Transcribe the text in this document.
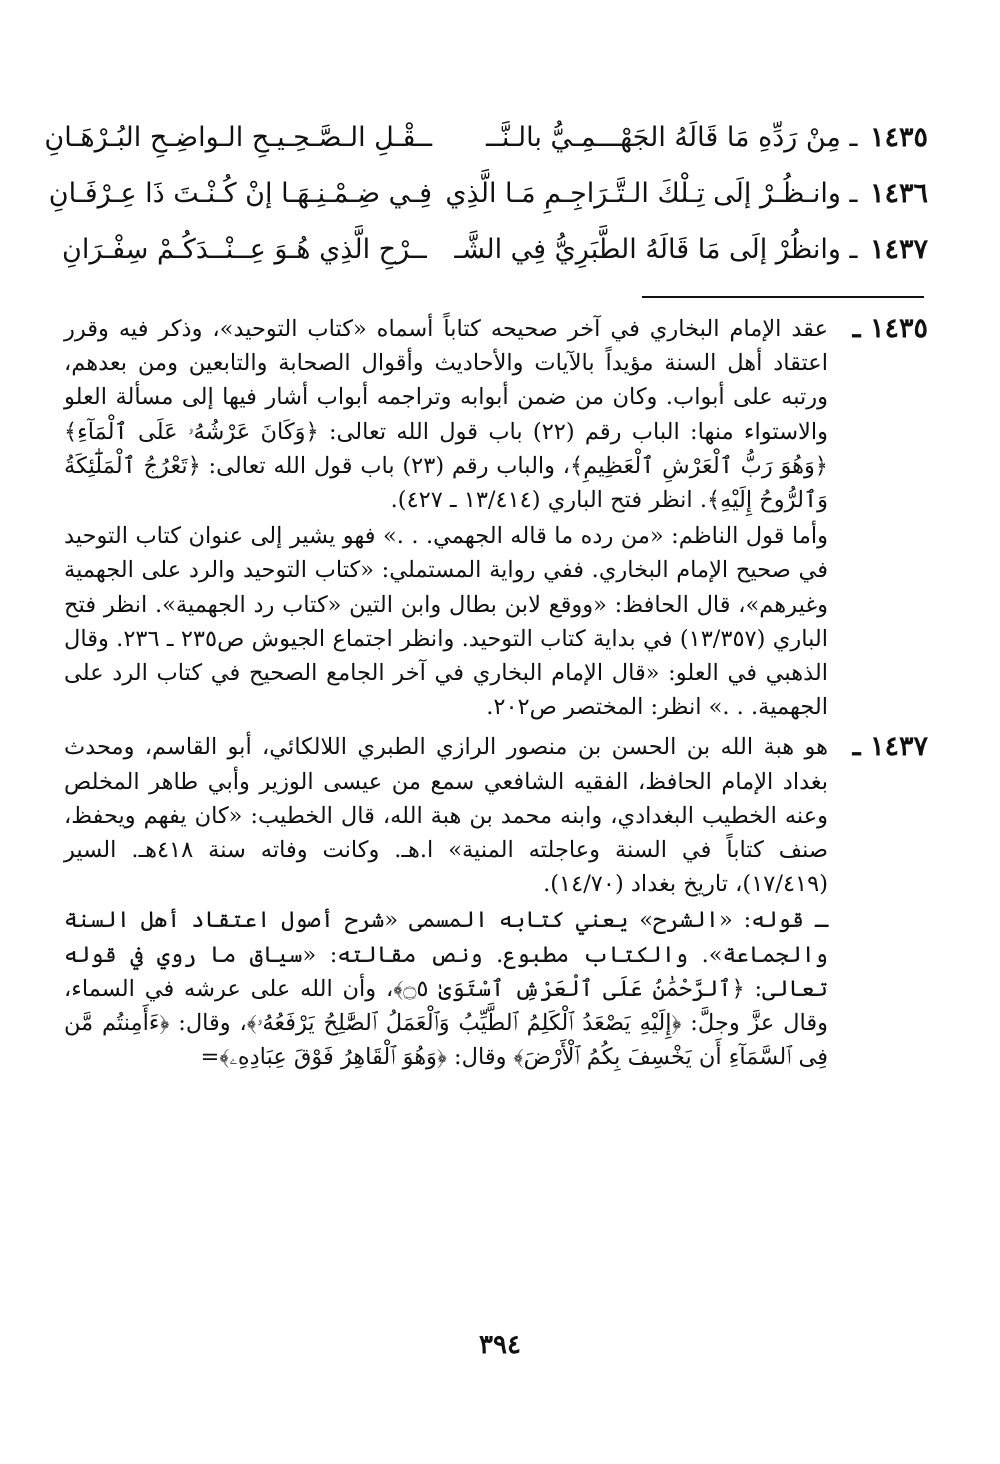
١٤٣٥ ـ مِنْ رَدِّهِ مَا قَالَهُ الجَهْـــمِـيُّ بالـنَّــ
ــقْـلِ الـصَّـحِـيـحِ الـواضِـحِ البُـرْهَـانِ
١٤٣٦ ـ وانـظُـرْ إلَى تِـلْكَ الـتَّـرَاجِـمِ مَـا الَّذِي
فِـي ضِـمْـنِـهَـا إنْ كُـنْـتَ ذَا عِـرْفَـانِ
١٤٣٧ ـ وانظُرْ إلَى مَا قَالَهُ الطَّبَرِيُّ فِي الشَّـ
ــرْحِ الَّذِي هُـوَ عِــنْــدَكُـمْ سِفْـرَانِ
١٤٣٥ ـ

عقد الإمام البخاري في آخر صحيحه كتاباً أسماه «كتاب التوحيد»، وذكر فيه وقرر اعتقاد أهل السنة مؤيداً بالآيات والأحاديث وأقوال الصحابة والتابعين ومن بعدهم، ورتبه على أبواب. وكان من ضمن أبوابه وتراجمه أبواب أشار فيها إلى مسألة العلو والاستواء منها: الباب رقم (٢٢) باب قول الله تعالى: ﴿وَكَانَ عَرْشُهُۥ عَلَى ٱلْمَآءِ﴾ ﴿وَهُوَ رَبُّ ٱلْعَرْشِ ٱلْعَظِيمِ﴾، والباب رقم (٢٣) باب قول الله تعالى: ﴿تَعْرُجُ ٱلْمَلَٰٓئِكَةُ وَٱلرُّوحُ إِلَيْهِ﴾. انظر فتح الباري (١٣/٤١٤ ـ ٤٢٧).

وأما قول الناظم: «من رده ما قاله الجهمي. . .» فهو يشير إلى عنوان كتاب التوحيد في صحيح الإمام البخاري. ففي رواية المستملي: «كتاب التوحيد والرد على الجهمية وغيرهم»، قال الحافظ: «ووقع لابن بطال وابن التين «كتاب رد الجهمية». انظر فتح الباري (١٣/٣٥٧) في بداية كتاب التوحيد. وانظر اجتماع الجيوش ص٢٣٥ ـ ٢٣٦. وقال الذهبي في العلو: «قال الإمام البخاري في آخر الجامع الصحيح في كتاب الرد على الجهمية. . .» انظر: المختصر ص٢٠٢.

١٤٣٧ ـ

هو هبة الله بن الحسن بن منصور الرازي الطبري اللالكائي، أبو القاسم، ومحدث بغداد الإمام الحافظ، الفقيه الشافعي سمع من عيسى الوزير وأبي طاهر المخلص وعنه الخطيب البغدادي، وابنه محمد بن هبة الله، قال الخطيب: «كان يفهم ويحفظ، صنف كتاباً في السنة وعاجلته المنية» ا.هـ. وكانت وفاته سنة ٤١٨هـ. السير (١٧/٤١٩)، تاريخ بغداد (١٤/٧٠).

ـ قوله: «الشرح» يعني كتابه المسمى «شرح أصول اعتقاد أهل السنة والجماعة». والكتاب مطبوع. ونص مقالته: «سياق ما روي في قوله تعالى: ﴿ٱلرَّحْمَٰنُ عَلَى ٱلْعَرْشِ ٱسْتَوَىٰ ۝٥﴾، وأن الله على عرشه في السماء، وقال عزَّ وجلَّ: ﴿إِلَيْهِ يَصْعَدُ ٱلْكَلِمُ ٱلطَّيِّبُ وَٱلْعَمَلُ ٱلصَّٰلِحُ يَرْفَعُهُۥ﴾، وقال: ﴿ءَأَمِنتُم مَّن فِى ٱلسَّمَآءِ أَن يَخْسِفَ بِكُمُ ٱلْأَرْضَ﴾ وقال: ﴿وَهُوَ ٱلْقَاهِرُ فَوْقَ عِبَادِهِۦ﴾=

٣٩٤
